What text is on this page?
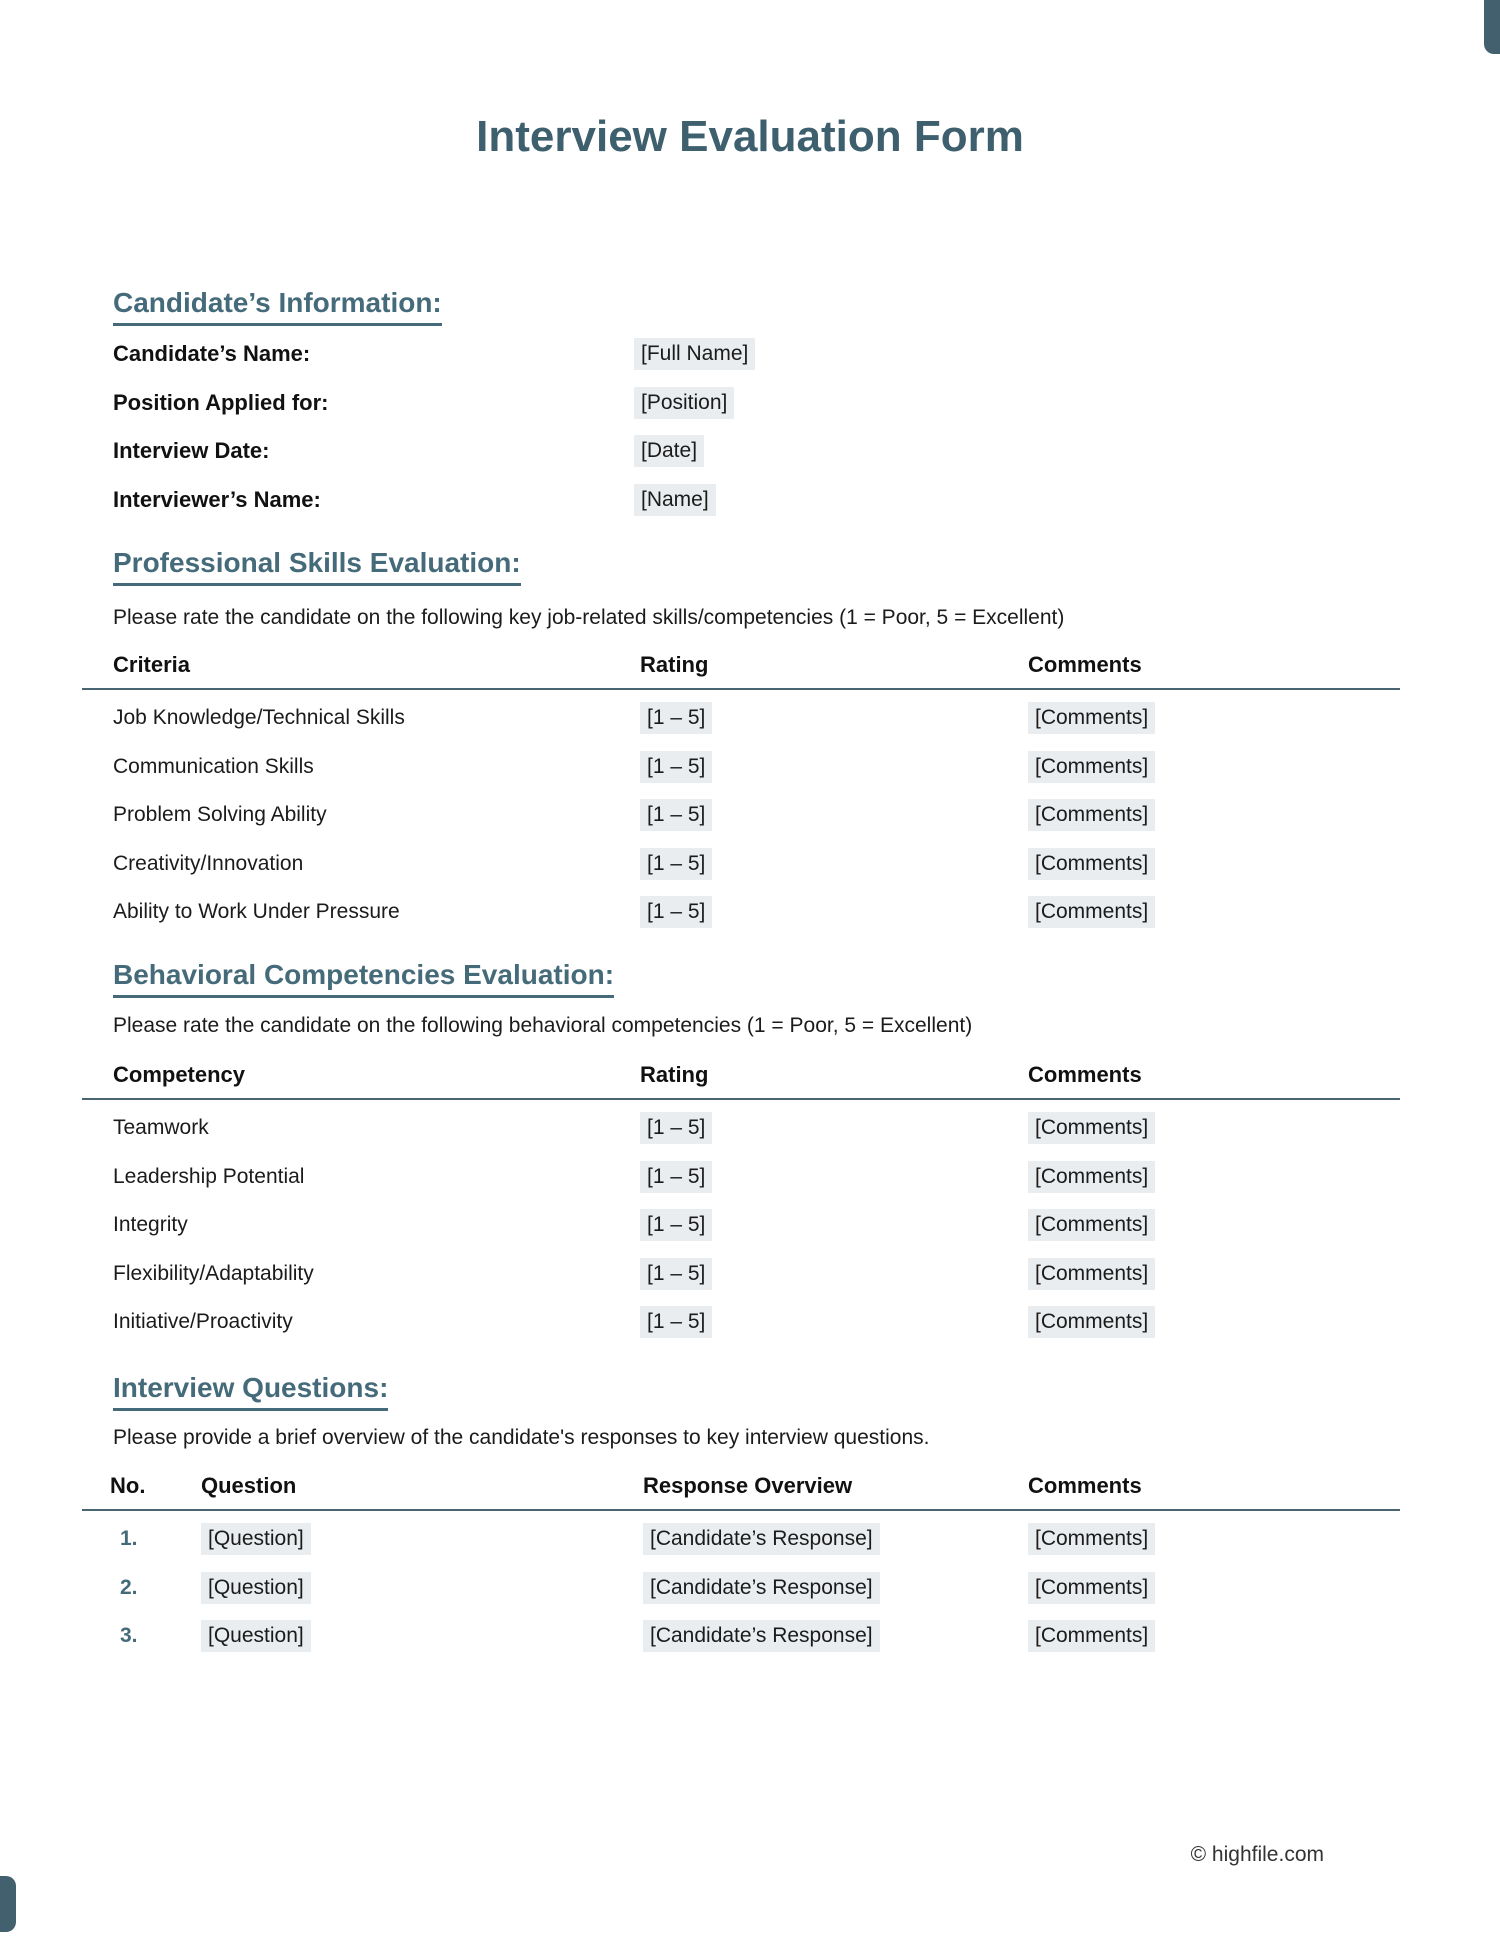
Interview Evaluation Form
Candidate’s Information:
Candidate’s Name:	[Full Name]
Position Applied for:	[Position]
Interview Date:	[Date]
Interviewer’s Name:	[Name]
Professional Skills Evaluation:

Please rate the candidate on the following key job-related skills/competencies (1 = Poor, 5 = Excellent)

Criteria	Rating	Comments
Job Knowledge/Technical Skills	[1 – 5]	[Comments]
Communication Skills	[1 – 5]	[Comments]
Problem Solving Ability	[1 – 5]	[Comments]
Creativity/Innovation	[1 – 5]	[Comments]
Ability to Work Under Pressure	[1 – 5]	[Comments]
Behavioral Competencies Evaluation:

Please rate the candidate on the following behavioral competencies (1 = Poor, 5 = Excellent)

Competency	Rating	Comments
Teamwork	[1 – 5]	[Comments]
Leadership Potential	[1 – 5]	[Comments]
Integrity	[1 – 5]	[Comments]
Flexibility/Adaptability	[1 – 5]	[Comments]
Initiative/Proactivity	[1 – 5]	[Comments]
Interview Questions:

Please provide a brief overview of the candidate's responses to key interview questions.

No.	Question	Response Overview	Comments
1.	[Question]	[Candidate’s Response]	[Comments]
2.	[Question]	[Candidate’s Response]	[Comments]
3.	[Question]	[Candidate’s Response]	[Comments]
© highfile.com
